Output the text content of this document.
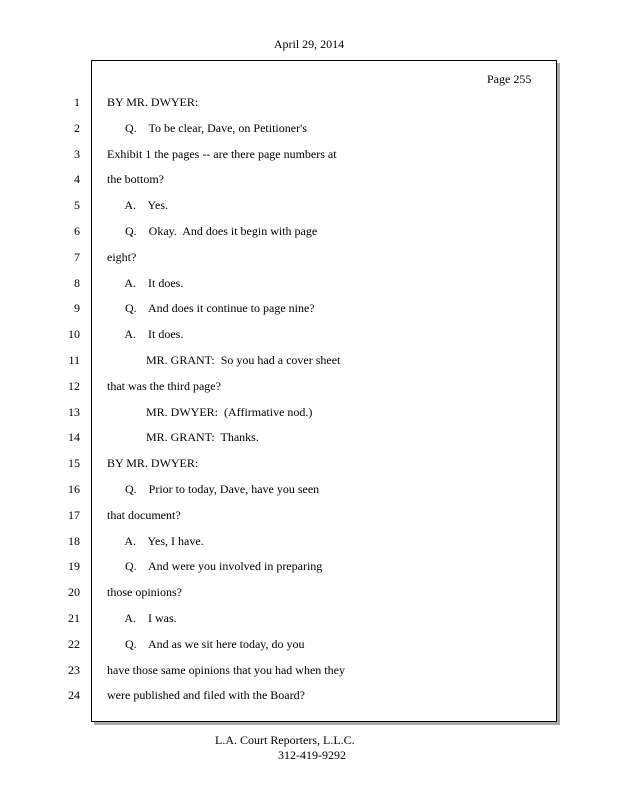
April 29, 2014
Page 255
1 BY MR. DWYER:
2 Q.    To be clear, Dave, on Petitioner's
3 Exhibit 1 the pages -- are there page numbers at
4 the bottom?
5 A.    Yes.
6 Q.    Okay.  And does it begin with page
7 eight?
8 A.    It does.
9 Q.    And does it continue to page nine?
10 A.    It does.
11 MR. GRANT:  So you had a cover sheet
12 that was the third page?
13 MR. DWYER:  (Affirmative nod.)
14 MR. GRANT:  Thanks.
15 BY MR. DWYER:
16 Q.    Prior to today, Dave, have you seen
17 that document?
18 A.    Yes, I have.
19 Q.    And were you involved in preparing
20 those opinions?
21 A.    I was.
22 Q.    And as we sit here today, do you
23 have those same opinions that you had when they
24 were published and filed with the Board?
L.A. Court Reporters, L.L.C.
312-419-9292
